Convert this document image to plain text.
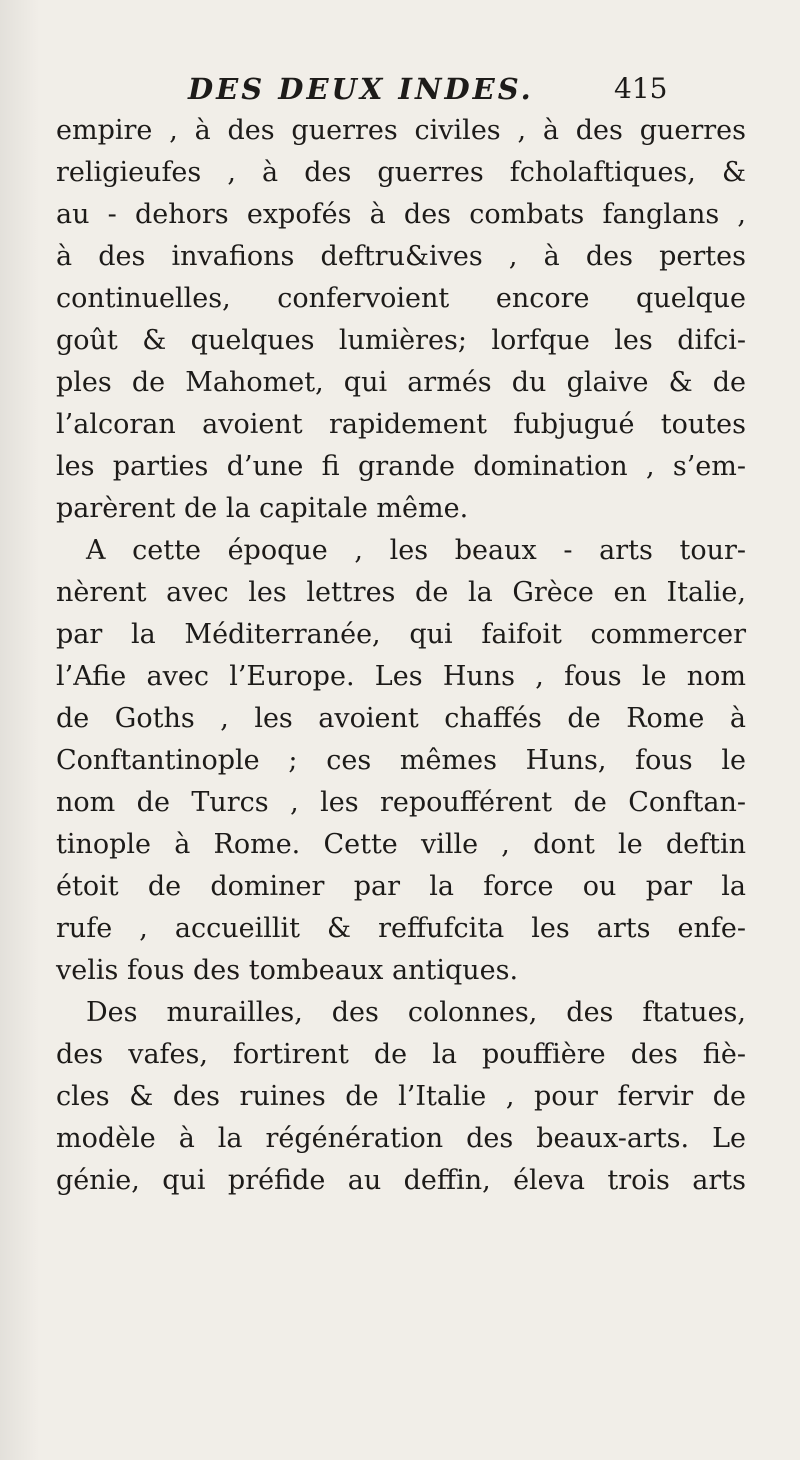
DES DEUX INDES.	415
empire , à des guerres civiles , à des guerres
religieufes , à des guerres fcholaftiques, &
au - dehors expofés à des combats fanglans ,
à des invafions deftru&ives , à des pertes
continuelles, confervoient encore quelque
goût & quelques lumières; lorfque les difci-
ples de Mahomet, qui armés du glaive & de
l’alcoran avoient rapidement fubjugué toutes
les parties d’une fi grande domination , s’em-
parèrent de la capitale même.
A cette époque , les beaux - arts tour-
nèrent avec les lettres de la Grèce en Italie,
par la Méditerranée, qui faifoit commercer
l’Afie avec l’Europe. Les Huns , fous le nom
de Goths , les avoient chaffés de Rome à
Conftantinople ; ces mêmes Huns, fous le
nom de Turcs , les repoufférent de Conftan-
tinople à Rome. Cette ville , dont le deftin
étoit de dominer par la force ou par la
rufe , accueillit & reffufcita les arts enfe-
velis fous des tombeaux antiques.
Des murailles, des colonnes, des ftatues,
des vafes, fortirent de la pouffière des fiè-
cles & des ruines de l’Italie , pour fervir de
modèle à la régénération des beaux-arts. Le
génie, qui préfide au deffin, éleva trois arts
